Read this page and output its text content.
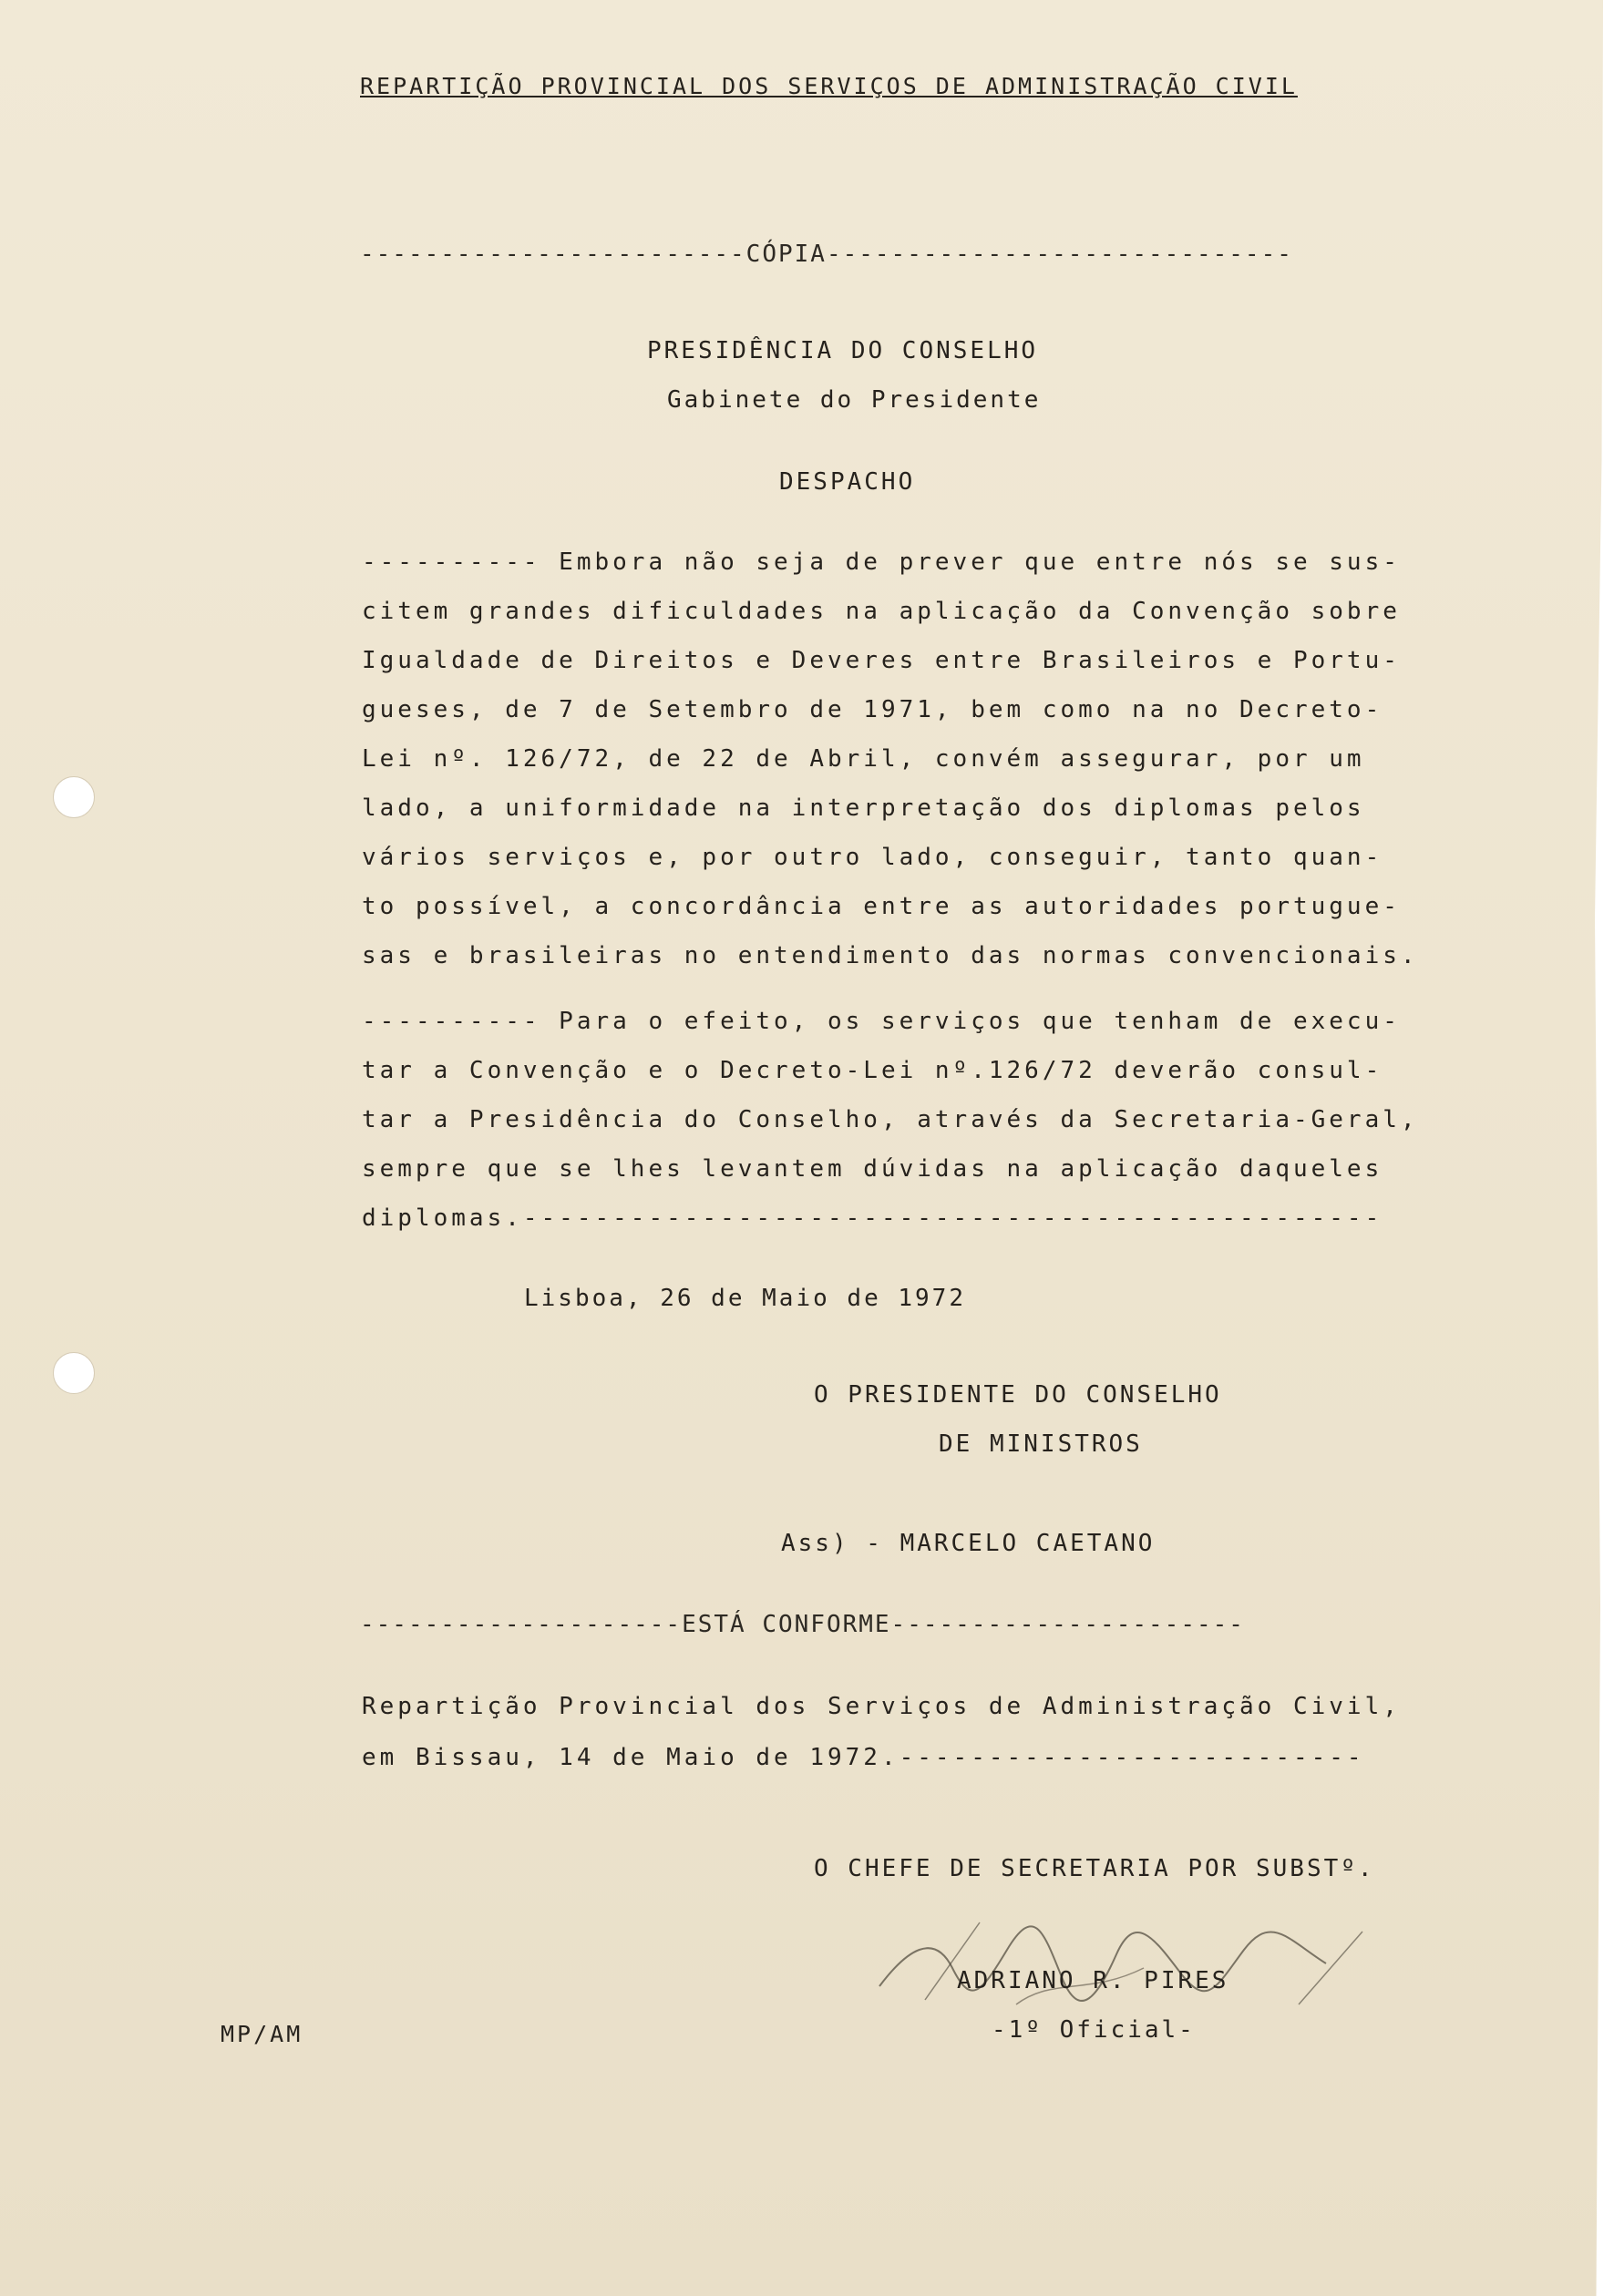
REPARTIÇÃO PROVINCIAL DOS SERVIÇOS DE ADMINISTRAÇÃO CIVIL
------------------------CÓPIA-----------------------------
PRESIDÊNCIA DO CONSELHO
Gabinete do Presidente
DESPACHO
---------- Embora não seja de prever que entre nós se sus-
citem grandes dificuldades na aplicação da Convenção sobre
Igualdade de Direitos e Deveres entre Brasileiros e Portu-
gueses, de 7 de Setembro de 1971, bem como na no Decreto-
Lei nº. 126/72, de 22 de Abril, convém assegurar, por um
lado, a uniformidade na interpretação dos diplomas pelos
vários serviços e, por outro lado, conseguir, tanto quan-
to possível, a concordância entre as autoridades portugue-
sas e brasileiras no entendimento das normas convencionais.
---------- Para o efeito, os serviços que tenham de execu-
tar a Convenção e o Decreto-Lei nº.126/72 deverão consul-
tar a Presidência do Conselho, através da Secretaria-Geral,
sempre que se lhes levantem dúvidas na aplicação daqueles
diplomas.------------------------------------------------
Lisboa, 26 de Maio de 1972
O PRESIDENTE DO CONSELHO
DE MINISTROS
Ass) - MARCELO CAETANO
--------------------ESTÁ CONFORME----------------------
Repartição Provincial dos Serviços de Administração Civil,
em Bissau, 14 de Maio de 1972.--------------------------
O CHEFE DE SECRETARIA POR SUBSTº.
ADRIANO R. PIRES
-1º Oficial-
MP/AM
